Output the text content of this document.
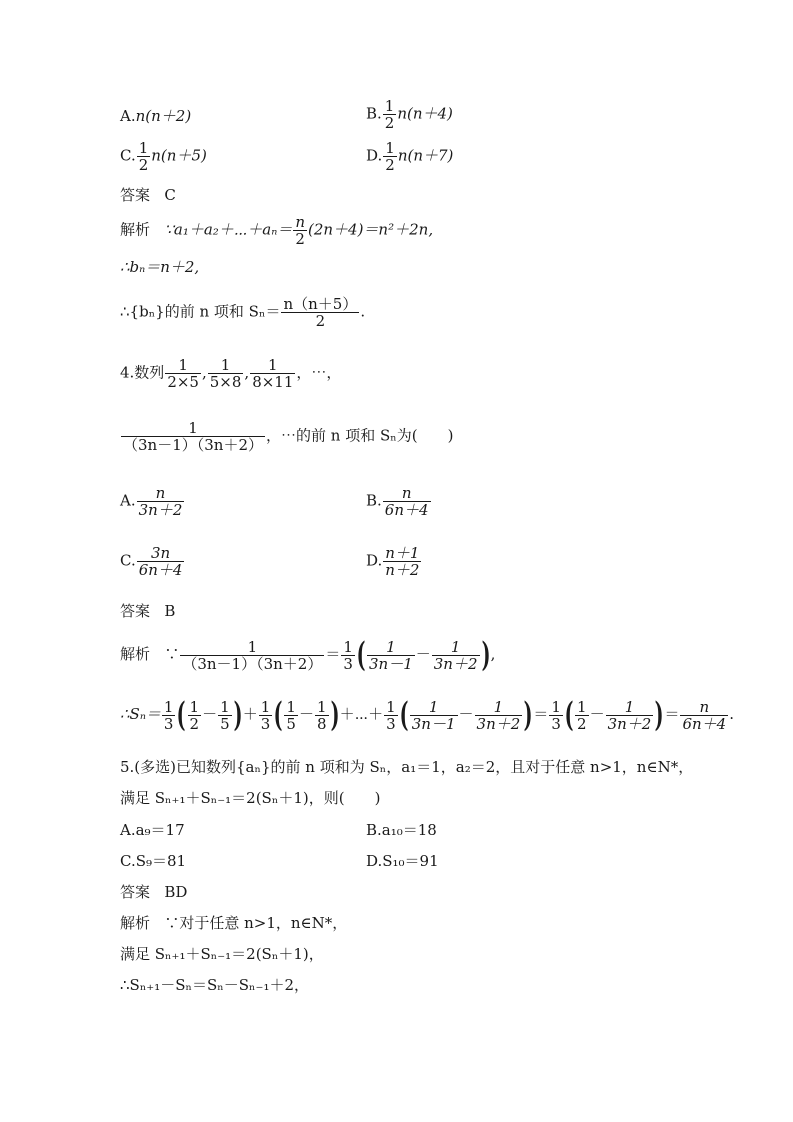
A.n(n＋2)	B. $\frac{1}{2} n(n+4)$
C. $\frac{1}{2} n(n+5)$	D. $\frac{1}{2} n(n+7)$
答案 C
解析 ∵a₁＋a₂＋⋯＋aₙ＝ $\frac{n}{2} (2n+4)=n^2+2n$,
∴bₙ＝n＋2,
∴{bₙ}的前 n 项和 $S_n= \frac{n(n+5)}{2}$ .
4.数列 $\frac{1}{2\times 5}$ , $\frac{1}{5\times 8}$ , $\frac{1}{8\times 11}$ ，⋯，
$\frac{1}{(3n-1)(3n+2)}$ ，⋯的前 n 项和 Sₙ为(　　)
A. $\frac{n}{3n+2}$	B. $\frac{n}{6n+4}$
C. $\frac{3n}{6n+4}$	D. $\frac{n+1}{n+2}$
答案 B
解析 ∵ $\frac{1}{(3n-1)(3n+2)} = \frac{1}{3}$ ( $\frac{1}{3n-1} - \frac{1}{3n+2}$ ),
∴Sₙ＝ $\frac{1}{3}$ ( $\frac{1}{2} - \frac{1}{5}$ )＋ $\frac{1}{3}$ ( $\frac{1}{5} - \frac{1}{8}$ )＋⋯＋ $\frac{1}{3}$ ( $\frac{1}{3n-1} - \frac{1}{3n+2}$ )＝ $\frac{1}{3}$ ( $\frac{1}{2} - \frac{1}{3n+2}$ )＝ $\frac{n}{6n+4}$ .
5.(多选)已知数列{aₙ}的前 n 项和为 Sₙ，a₁＝1，a₂＝2，且对于任意 n>1，n∈N*，
满足 Sₙ₊₁＋Sₙ₋₁＝2(Sₙ＋1)，则(　　)
A.a₉＝17	B.a₁₀＝18
C.S₉＝81	D.S₁₀＝91
答案 BD
解析 ∵对于任意 n>1，n∈N*，
满足 Sₙ₊₁＋Sₙ₋₁＝2(Sₙ＋1)，
∴Sₙ₊₁－Sₙ＝Sₙ－Sₙ₋₁＋2，
